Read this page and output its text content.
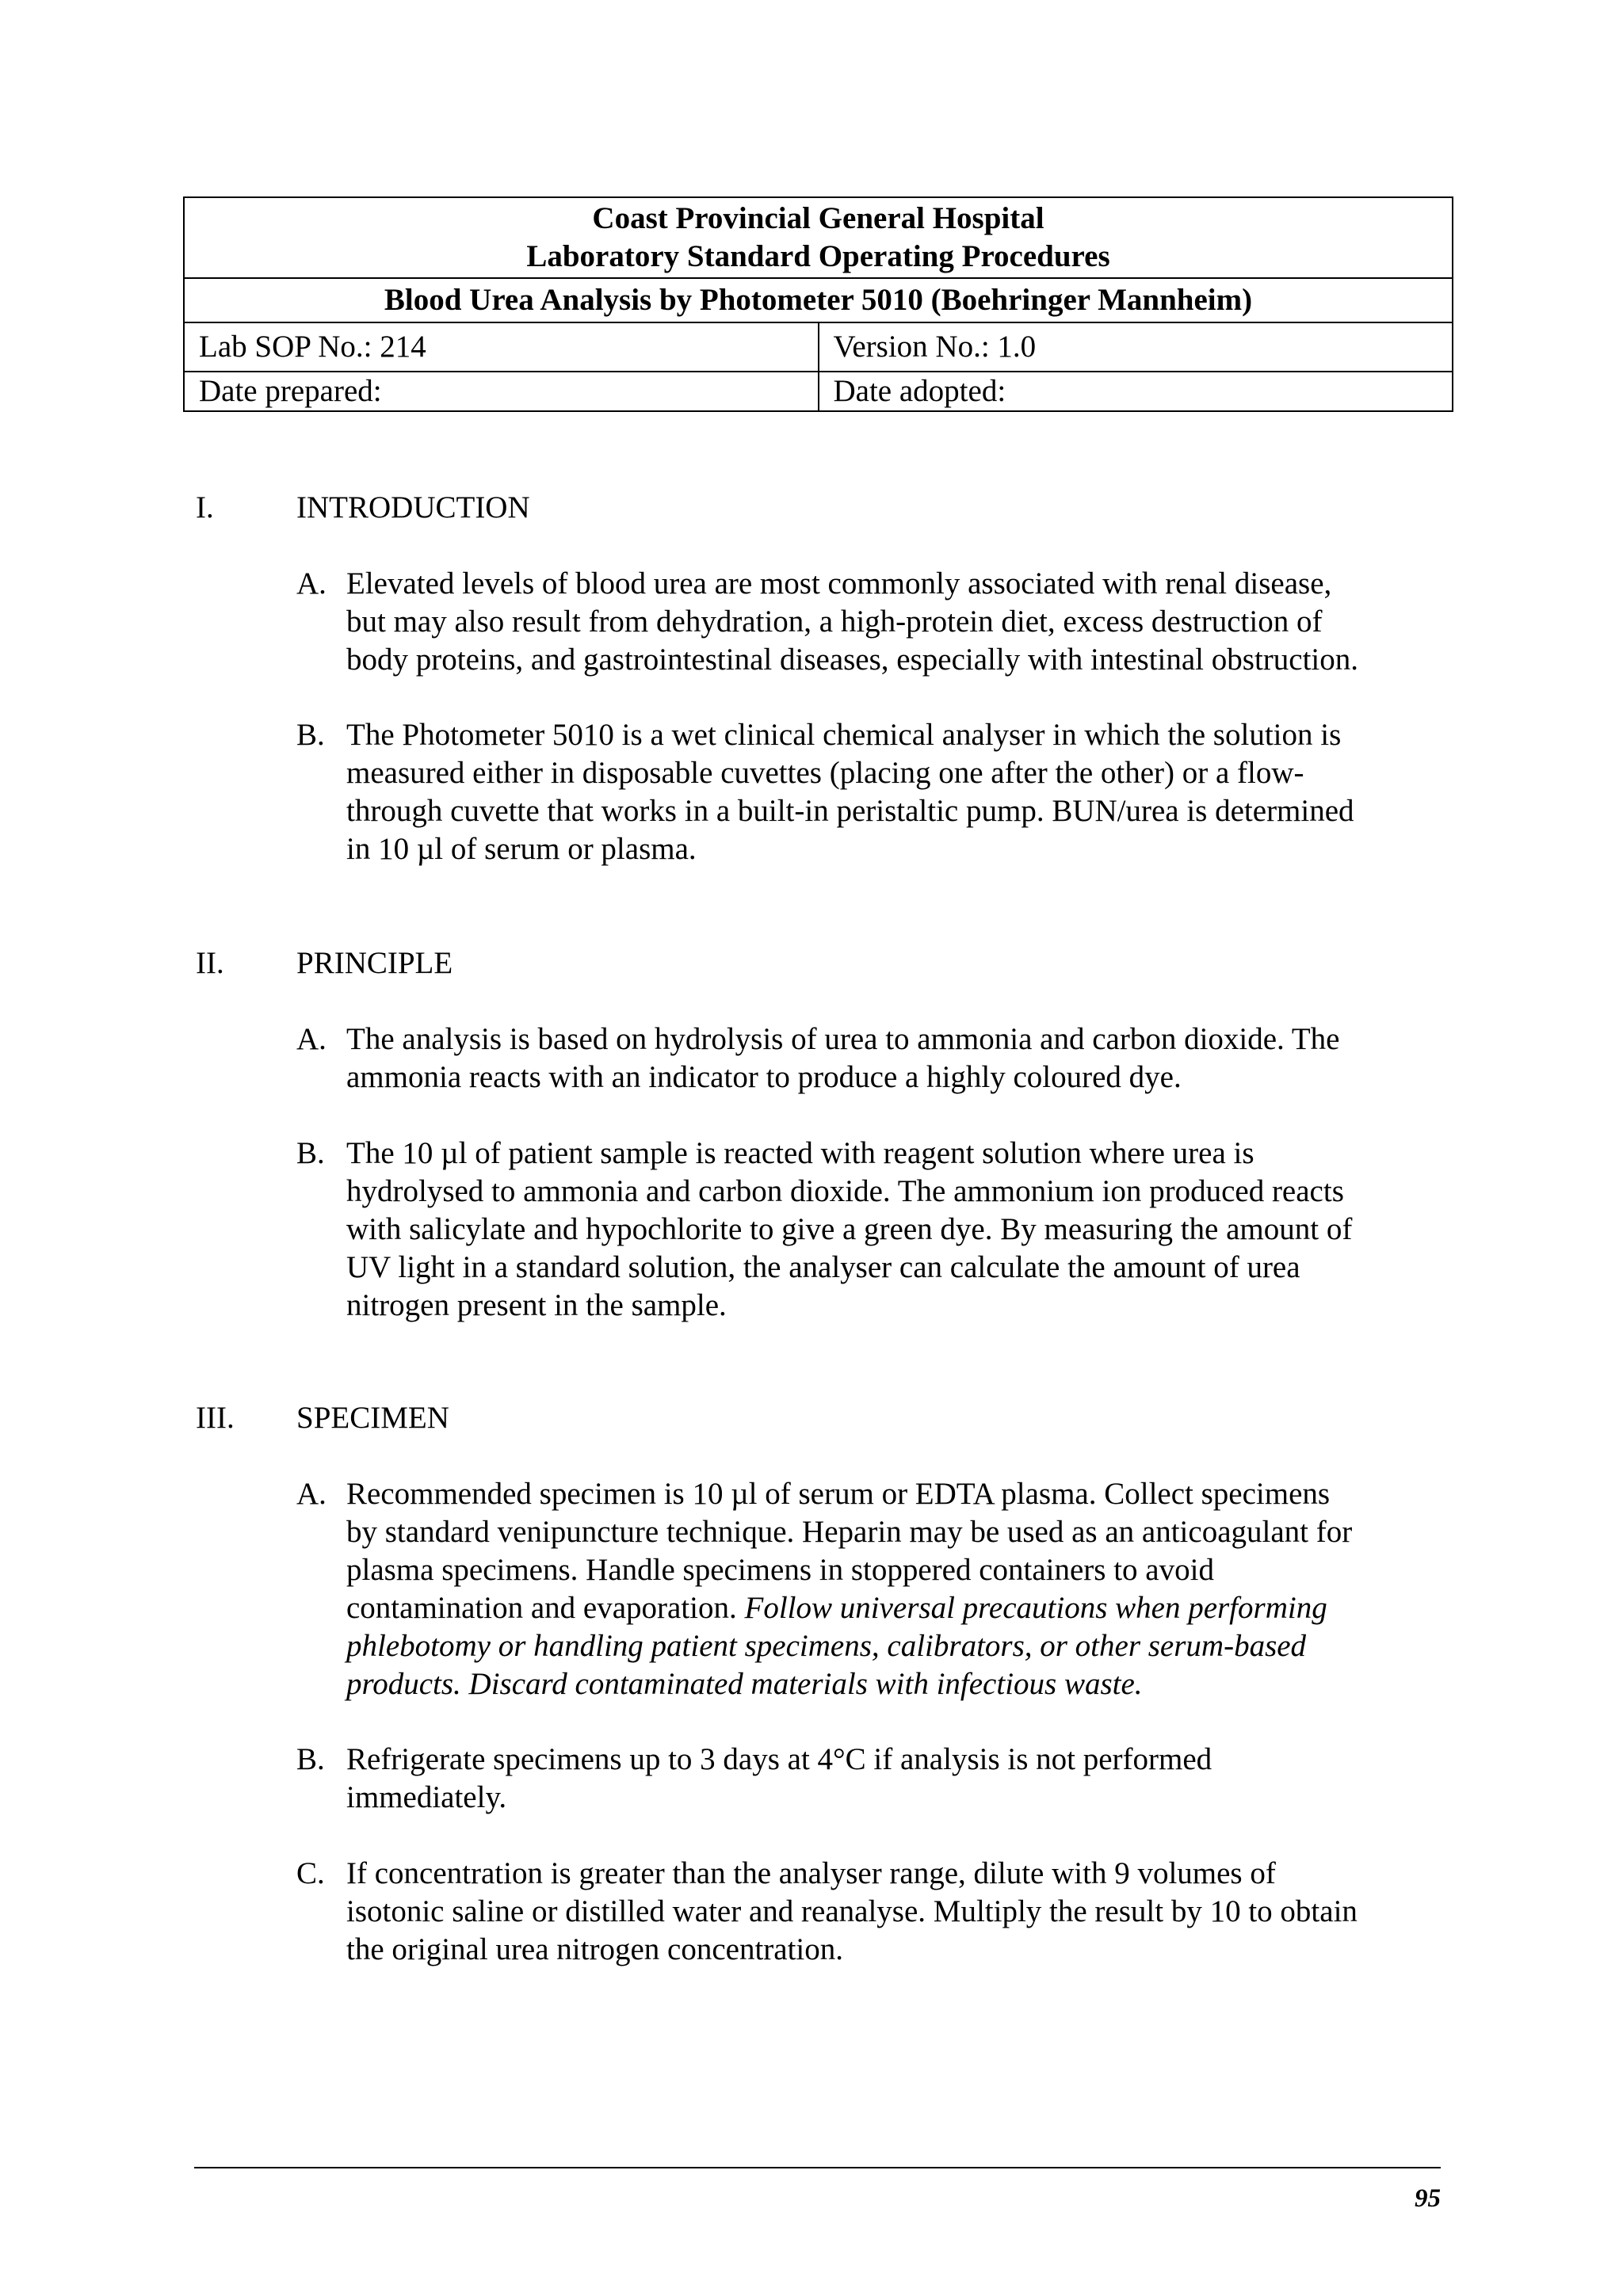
Coast Provincial General Hospital
Laboratory Standard Operating Procedures	

Blood Urea Analysis by Photometer 5010 (Boehringer Mannheim)	
Lab SOP No.: 214	Version No.: 1.0
Date prepared:	Date adopted:
I.	INTRODUCTION
A. Elevated levels of blood urea are most commonly associated with renal disease,
but may also result from dehydration, a high-protein diet, excess destruction of
body proteins, and gastrointestinal diseases, especially with intestinal obstruction.
B. The Photometer 5010 is a wet clinical chemical analyser in which the solution is
measured either in disposable cuvettes (placing one after the other) or a flow-
through cuvette that works in a built-in peristaltic pump. BUN/urea is determined
in 10 µl of serum or plasma.
II. PRINCIPLE
A. The analysis is based on hydrolysis of urea to ammonia and carbon dioxide. The
ammonia reacts with an indicator to produce a highly coloured dye.
B. The 10 µl of patient sample is reacted with reagent solution where urea is
hydrolysed to ammonia and carbon dioxide. The ammonium ion produced reacts
with salicylate and hypochlorite to give a green dye. By measuring the amount of
UV light in a standard solution, the analyser can calculate the amount of urea
nitrogen present in the sample.
III. SPECIMEN
A. Recommended specimen is 10 µl of serum or EDTA plasma. Collect specimens
by standard venipuncture technique. Heparin may be used as an anticoagulant for
plasma specimens. Handle specimens in stoppered containers to avoid
contamination and evaporation. Follow universal precautions when performing
phlebotomy or handling patient specimens, calibrators, or other serum-based
products. Discard contaminated materials with infectious waste.
B. Refrigerate specimens up to 3 days at 4°C if analysis is not performed
immediately.
C. If concentration is greater than the analyser range, dilute with 9 volumes of
isotonic saline or distilled water and reanalyse. Multiply the result by 10 to obtain
the original urea nitrogen concentration.
95
